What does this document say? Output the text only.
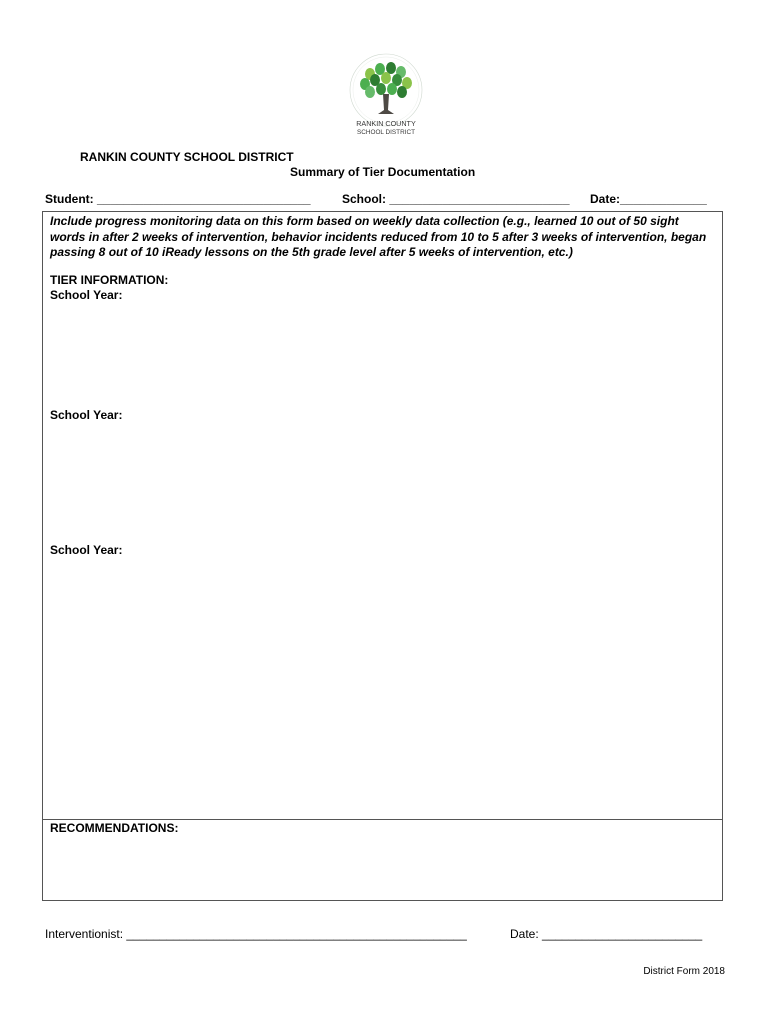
RANKIN COUNTY
SCHOOL DISTRICT
RANKIN COUNTY SCHOOL DISTRICT
Summary of Tier Documentation
Student: ________________________________	School: ___________________________ Date:_____________
Include progress monitoring data on this form based on weekly data collection (e.g., learned 10 out of 50 sight words in after 2 weeks of intervention, behavior incidents reduced from 10 to 5 after 3 weeks of intervention, began passing 8 out of 10 iReady lessons on the 5th grade level after 5 weeks of intervention, etc.)
TIER INFORMATION:
School Year:
School Year:
School Year:
RECOMMENDATIONS:
Interventionist: ___________________________________________________	Date: ________________________
District Form 2018
